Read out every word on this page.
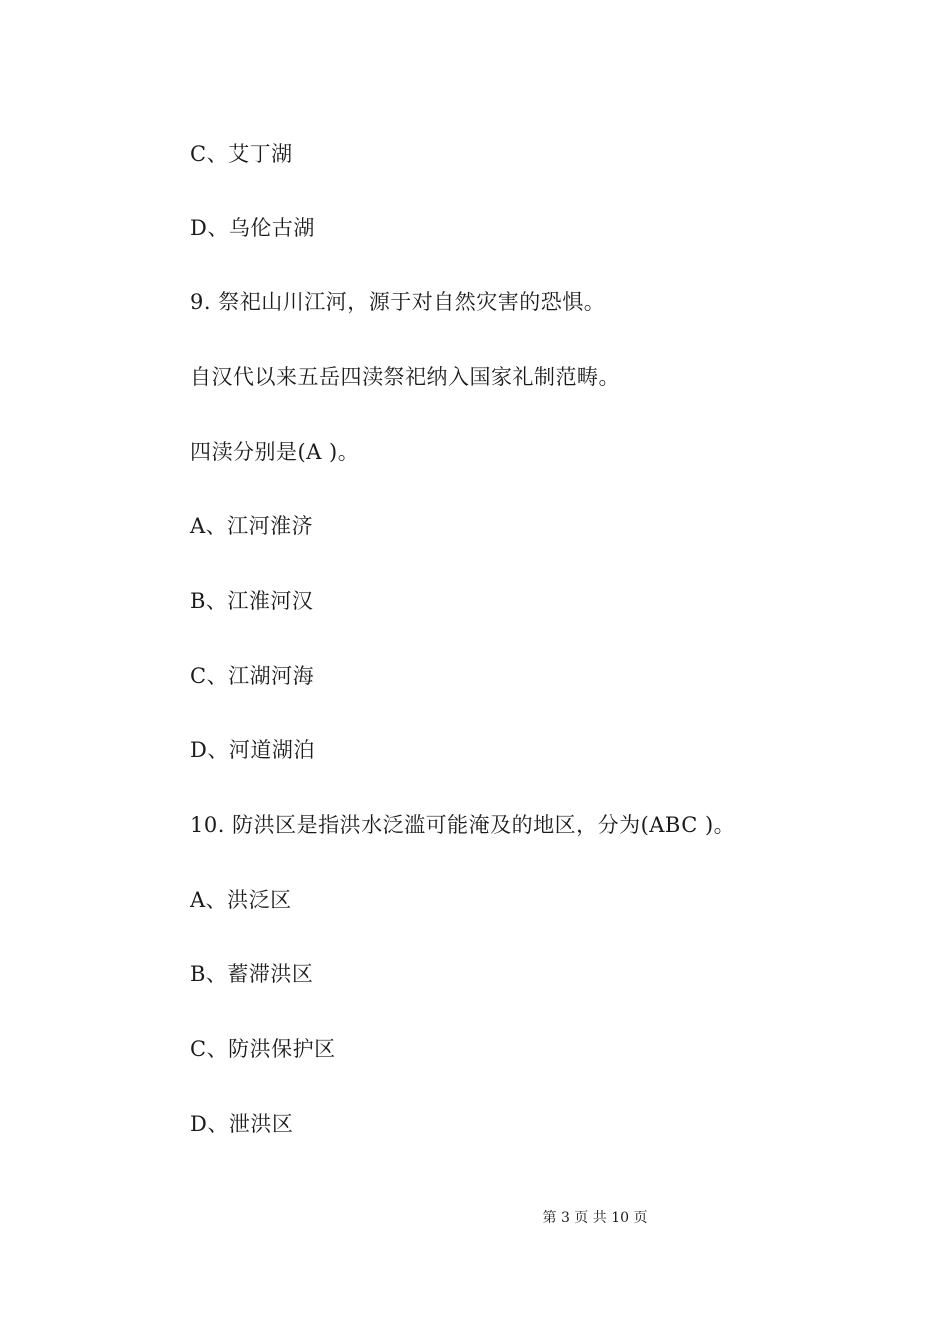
C、艾丁湖
D、乌伦古湖
9. 祭祀山川江河，源于对自然灾害的恐惧。
自汉代以来五岳四渎祭祀纳入国家礼制范畴。
四渎分别是(A )。
A、江河淮济
B、江淮河汉
C、江湖河海
D、河道湖泊
10. 防洪区是指洪水泛滥可能淹及的地区，分为(ABC )。
A、洪泛区
B、蓄滞洪区
C、防洪保护区
D、泄洪区
第 3 页 共 10 页
